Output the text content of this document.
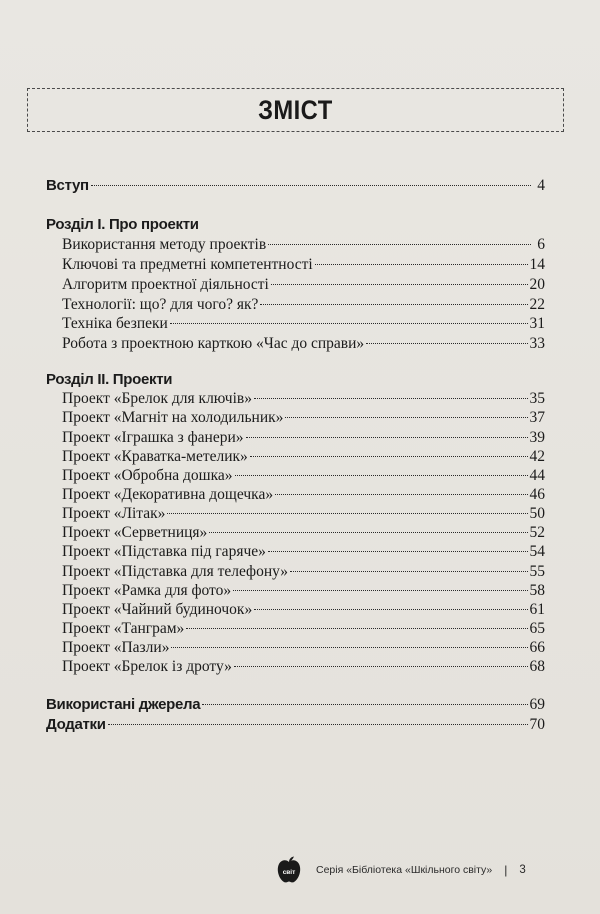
ЗМІСТ
Вступ	4
Розділ I. Про проекти
Використання методу проектів	6
Ключові та предметні компетентності	14
Алгоритм проектної діяльності	20
Технології: що? для чого? як?	22
Техніка безпеки	31
Робота з проектною карткою «Час до справи»	33
Розділ II. Проекти
Проект «Брелок для ключів»	35
Проект «Магніт на холодильник»	37
Проект «Іграшка з фанери»	39
Проект «Краватка-метелик»	42
Проект «Обробна дошка»	44
Проект «Декоративна дощечка»	46
Проект «Літак»	50
Проект «Серветниця»	52
Проект «Підставка під гаряче»	54
Проект «Підставка для телефону»	55
Проект «Рамка для фото»	58
Проект «Чайний будиночок»	61
Проект «Танграм»	65
Проект «Пазли»	66
Проект «Брелок із дроту»	68
Використані джерела	69
Додатки	70
світ Серія «Бібліотека «Шкільного світу» | 3
